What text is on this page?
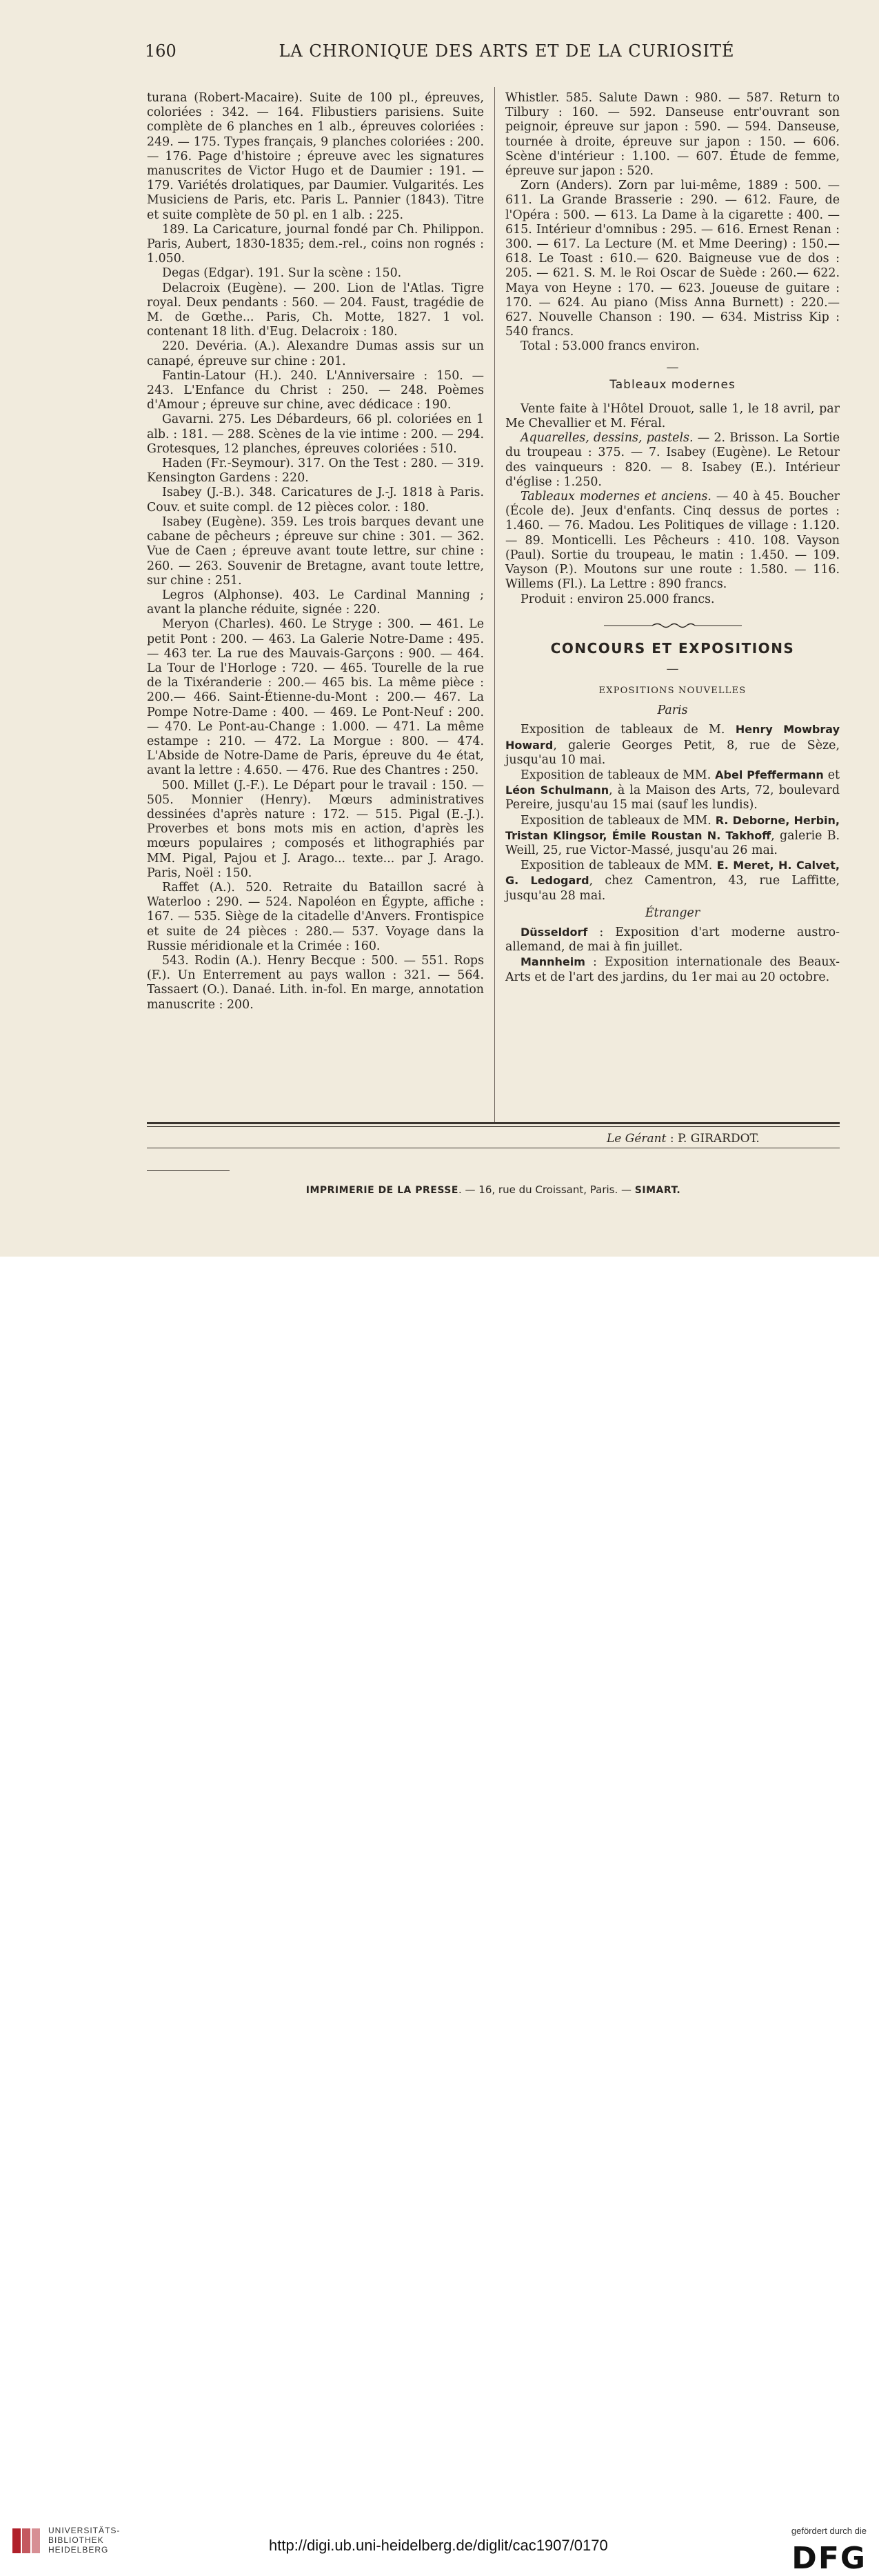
160	LA CHRONIQUE DES ARTS ET DE LA CURIOSITÉ

turana (Robert-Macaire). Suite de 100 pl., épreuves, coloriées : 342. — 164. Flibustiers parisiens. Suite complète de 6 planches en 1 alb., épreuves coloriées : 249. — 175. Types français, 9 planches coloriées : 200.— 176. Page d'histoire ; épreuve avec les signatures manuscrites de Victor Hugo et de Daumier : 191. — 179. Variétés drolatiques, par Daumier. Vulgarités. Les Musiciens de Paris, etc. Paris L. Pannier (1843). Titre et suite complète de 50 pl. en 1 alb. : 225.

189. La Caricature, journal fondé par Ch. Philippon. Paris, Aubert, 1830-1835; dem.-rel., coins non rognés : 1.050.

Degas (Edgar). 191. Sur la scène : 150.

Delacroix (Eugène). — 200. Lion de l'Atlas. Tigre royal. Deux pendants : 560. — 204. Faust, tragédie de M. de Gœthe... Paris, Ch. Motte, 1827. 1 vol. contenant 18 lith. d'Eug. Delacroix : 180.

220. Devéria. (A.). Alexandre Dumas assis sur un canapé, épreuve sur chine : 201.

Fantin-Latour (H.). 240. L'Anniversaire : 150. — 243. L'Enfance du Christ : 250. — 248. Poèmes d'Amour ; épreuve sur chine, avec dédicace : 190.

Gavarni. 275. Les Débardeurs, 66 pl. coloriées en 1 alb. : 181. — 288. Scènes de la vie intime : 200. — 294. Grotesques, 12 planches, épreuves coloriées : 510.

Haden (Fr.-Seymour). 317. On the Test : 280. — 319. Kensington Gardens : 220.

Isabey (J.-B.). 348. Caricatures de J.-J. 1818 à Paris. Couv. et suite compl. de 12 pièces color. : 180.

Isabey (Eugène). 359. Les trois barques devant une cabane de pêcheurs ; épreuve sur chine : 301. — 362. Vue de Caen ; épreuve avant toute lettre, sur chine : 260. — 263. Souvenir de Bretagne, avant toute lettre, sur chine : 251.

Legros (Alphonse). 403. Le Cardinal Manning ; avant la planche réduite, signée : 220.

Meryon (Charles). 460. Le Stryge : 300. — 461. Le petit Pont : 200. — 463. La Galerie Notre-Dame : 495. — 463 ter. La rue des Mauvais-Garçons : 900. — 464. La Tour de l'Horloge : 720. — 465. Tourelle de la rue de la Tixéranderie : 200.— 465 bis. La même pièce : 200.— 466. Saint-Étienne-du-Mont : 200.— 467. La Pompe Notre-Dame : 400. — 469. Le Pont-Neuf : 200. — 470. Le Pont-au-Change : 1.000. — 471. La même estampe : 210. — 472. La Morgue : 800. — 474. L'Abside de Notre-Dame de Paris, épreuve du 4e état, avant la lettre : 4.650. — 476. Rue des Chantres : 250.

500. Millet (J.-F.). Le Départ pour le travail : 150. — 505. Monnier (Henry). Mœurs administratives dessinées d'après nature : 172. — 515. Pigal (E.-J.). Proverbes et bons mots mis en action, d'après les mœurs populaires ; composés et lithographiés par MM. Pigal, Pajou et J. Arago... texte... par J. Arago. Paris, Noël : 150.

Raffet (A.). 520. Retraite du Bataillon sacré à Waterloo : 290. — 524. Napoléon en Égypte, affiche : 167. — 535. Siège de la citadelle d'Anvers. Frontispice et suite de 24 pièces : 280.— 537. Voyage dans la Russie méridionale et la Crimée : 160.

543. Rodin (A.). Henry Becque : 500. — 551. Rops (F.). Un Enterrement au pays wallon : 321. — 564. Tassaert (O.). Danaé. Lith. in-fol. En marge, annotation manuscrite : 200.

Whistler. 585. Salute Dawn : 980. — 587. Return to Tilbury : 160. — 592. Danseuse entr'ouvrant son peignoir, épreuve sur japon : 590. — 594. Danseuse, tournée à droite, épreuve sur japon : 150. — 606. Scène d'intérieur : 1.100. — 607. Étude de femme, épreuve sur japon : 520.

Zorn (Anders). Zorn par lui-même, 1889 : 500. — 611. La Grande Brasserie : 290. — 612. Faure, de l'Opéra : 500. — 613. La Dame à la cigarette : 400. — 615. Intérieur d'omnibus : 295. — 616. Ernest Renan : 300. — 617. La Lecture (M. et Mme Deering) : 150.— 618. Le Toast : 610.— 620. Baigneuse vue de dos : 205. — 621. S. M. le Roi Oscar de Suède : 260.— 622. Maya von Heyne : 170. — 623. Joueuse de guitare : 170. — 624. Au piano (Miss Anna Burnett) : 220.— 627. Nouvelle Chanson : 190. — 634. Mistriss Kip : 540 francs.

Total : 53.000 francs environ.

—
Tableaux modernes

Vente faite à l'Hôtel Drouot, salle 1, le 18 avril, par Me Chevallier et M. Féral.

Aquarelles, dessins, pastels. — 2. Brisson. La Sortie du troupeau : 375. — 7. Isabey (Eugène). Le Retour des vainqueurs : 820. — 8. Isabey (E.). Intérieur d'église : 1.250.

Tableaux modernes et anciens. — 40 à 45. Boucher (École de). Jeux d'enfants. Cinq dessus de portes : 1.460. — 76. Madou. Les Politiques de village : 1.120. — 89. Monticelli. Les Pêcheurs : 410. 108. Vayson (Paul). Sortie du troupeau, le matin : 1.450. — 109. Vayson (P.). Moutons sur une route : 1.580. — 116. Willems (Fl.). La Lettre : 890 francs.

Produit : environ 25.000 francs.

CONCOURS ET EXPOSITIONS
—
EXPOSITIONS NOUVELLES
Paris

Exposition de tableaux de M. Henry Mowbray Howard, galerie Georges Petit, 8, rue de Sèze, jusqu'au 10 mai.

Exposition de tableaux de MM. Abel Pfeffermann et Léon Schulmann, à la Maison des Arts, 72, boulevard Pereire, jusqu'au 15 mai (sauf les lundis).

Exposition de tableaux de MM. R. Deborne, Herbin, Tristan Klingsor, Émile Roustan N. Takhoff, galerie B. Weill, 25, rue Victor-Massé, jusqu'au 26 mai.

Exposition de tableaux de MM. E. Meret, H. Calvet, G. Ledogard, chez Camentron, 43, rue Laffitte, jusqu'au 28 mai.

Étranger

Düsseldorf : Exposition d'art moderne austro-allemand, de mai à fin juillet.

Mannheim : Exposition internationale des Beaux-Arts et de l'art des jardins, du 1er mai au 20 octobre.

Le Gérant : P. GIRARDOT.
IMPRIMERIE DE LA PRESSE. — 16, rue du Croissant, Paris. — SIMART.
UNIVERSITÄTS-
BIBLIOTHEK
HEIDELBERG	http://digi.ub.uni-heidelberg.de/diglit/cac1907/0170
gefördert durch die
DFG
